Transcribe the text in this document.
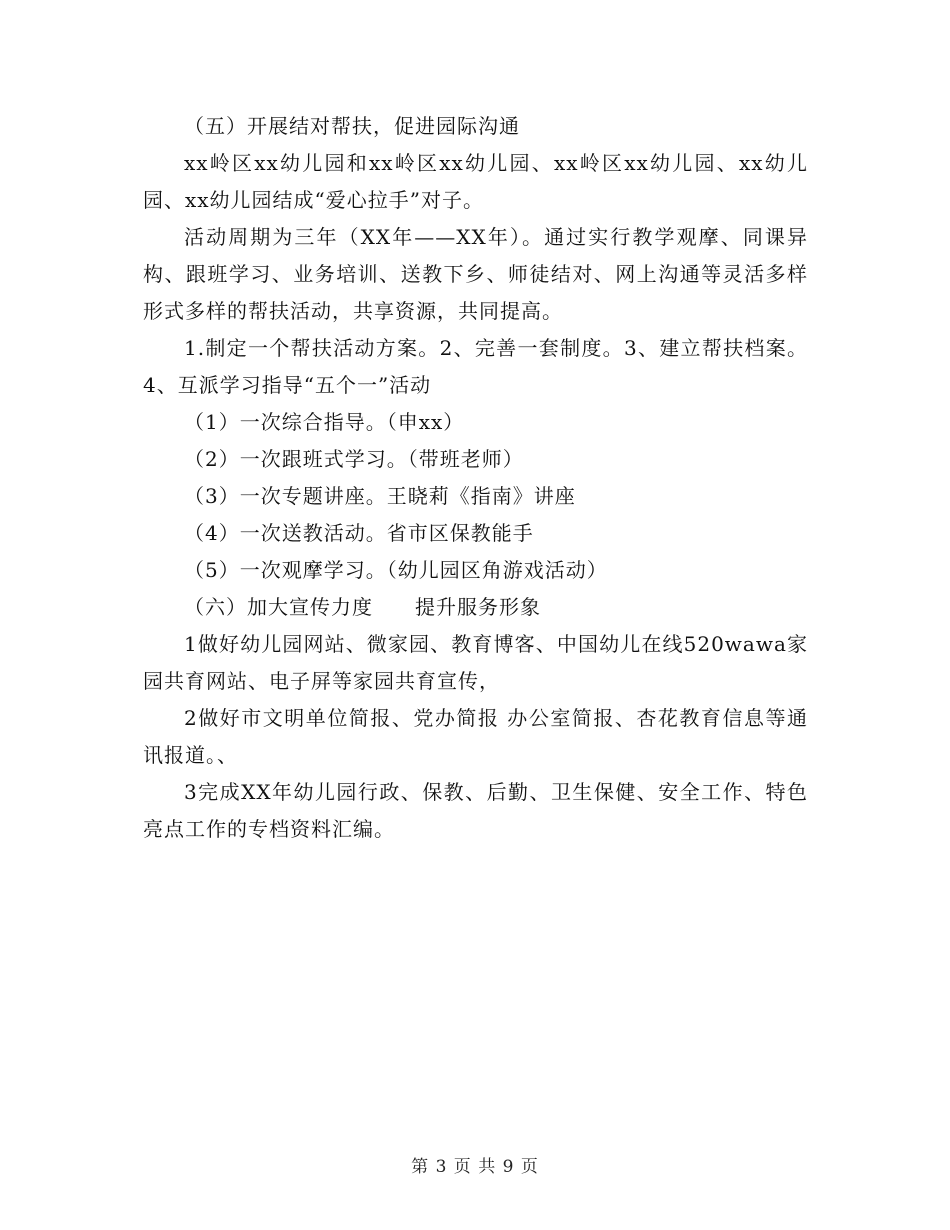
（五）开展结对帮扶，促进园际沟通

xx岭区xx幼儿园和xx岭区xx幼儿园、xx岭区xx幼儿园、xx幼儿园、xx幼儿园结成“爱心拉手”对子。

活动周期为三年（XX年——XX年）。通过实行教学观摩、同课异构、跟班学习、业务培训、送教下乡、师徒结对、网上沟通等灵活多样形式多样的帮扶活动，共享资源，共同提高。

1.制定一个帮扶活动方案。2、完善一套制度。3、建立帮扶档案。4、互派学习指导“五个一”活动

（1）一次综合指导。（申xx）

（2）一次跟班式学习。（带班老师）

（3）一次专题讲座。王晓莉《指南》讲座

（4）一次送教活动。省市区保教能手

（5）一次观摩学习。（幼儿园区角游戏活动）

（六）加大宣传力度　　提升服务形象

1做好幼儿园网站、微家园、教育博客、中国幼儿在线520wawa家园共育网站、电子屏等家园共育宣传，

2做好市文明单位简报、党办简报 办公室简报、杏花教育信息等通讯报道。、

3完成XX年幼儿园行政、保教、后勤、卫生保健、安全工作、特色亮点工作的专档资料汇编。

第 3 页 共 9 页
